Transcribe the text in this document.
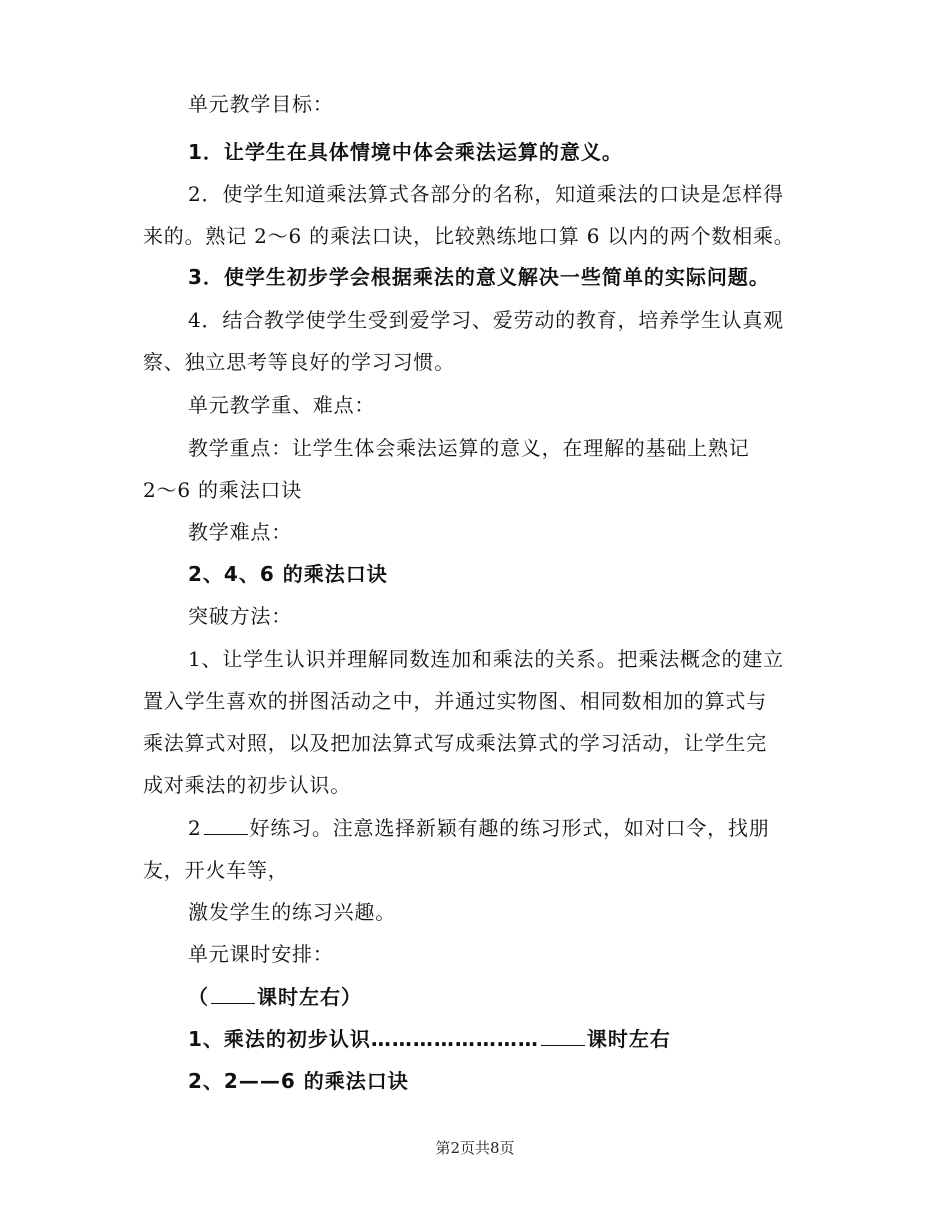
单元教学目标：
1．让学生在具体情境中体会乘法运算的意义。
2．使学生知道乘法算式各部分的名称，知道乘法的口诀是怎样得
来的。熟记 2～6 的乘法口诀，比较熟练地口算 6 以内的两个数相乘。
3．使学生初步学会根据乘法的意义解决一些简单的实际问题。
4．结合教学使学生受到爱学习、爱劳动的教育，培养学生认真观
察、独立思考等良好的学习习惯。
单元教学重、难点：
教学重点：让学生体会乘法运算的意义，在理解的基础上熟记
2～6 的乘法口诀
教学难点：
2、4、6 的乘法口诀
突破方法：
1、让学生认识并理解同数连加和乘法的关系。把乘法概念的建立
置入学生喜欢的拼图活动之中，并通过实物图、相同数相加的算式与
乘法算式对照，以及把加法算式写成乘法算式的学习活动，让学生完
成对乘法的初步认识。
2 好练习。注意选择新颖有趣的练习形式，如对口令，找朋
友，开火车等，
激发学生的练习兴趣。
单元课时安排：
（ 课时左右）
1、乘法的初步认识…………………… 课时左右
2、2——6 的乘法口诀
第2页共8页
